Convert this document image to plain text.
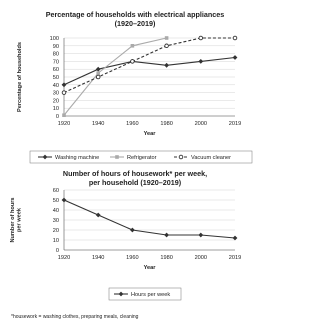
Percentage of households with electrical appliances
(1920–2019)
0
10
20
30
40
50
60
70
80
90
100
1920	1940	1960	1980	2000	2019
Year
Percentage of households
Washing machine	Refrigerator	Vacuum cleaner
Number of hours of housework* per week,
per household (1920–2019)
0
10
20
30
40
50
60
1920	1940	1960	1980	2000	2019
Year
Number of hours per week
Hours per week
*housework = washing clothes, preparing meals, cleaning
